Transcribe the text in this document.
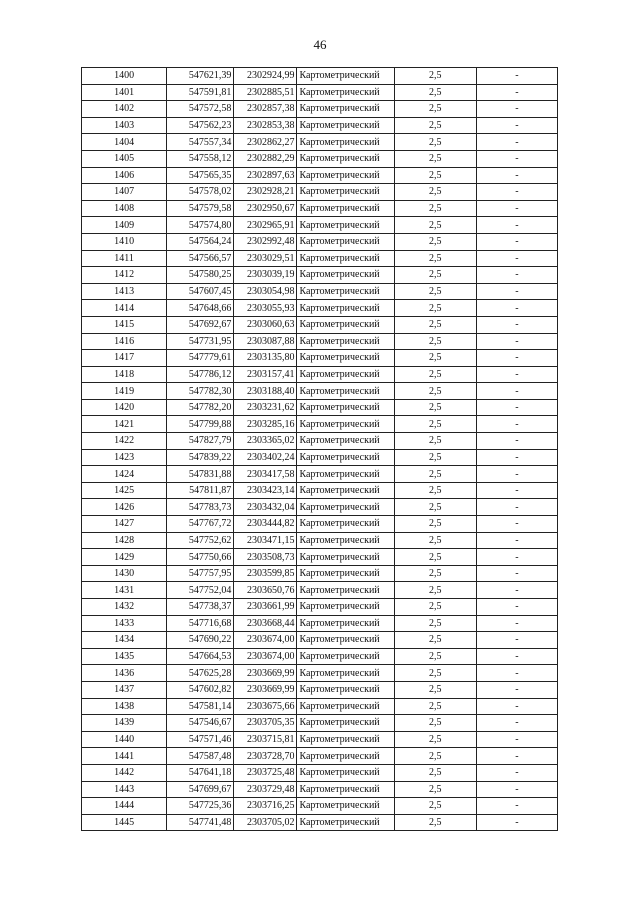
46
1400	547621,39	2302924,99	Картометрический	2,5	-
1401	547591,81	2302885,51	Картометрический	2,5	-
1402	547572,58	2302857,38	Картометрический	2,5	-
1403	547562,23	2302853,38	Картометрический	2,5	-
1404	547557,34	2302862,27	Картометрический	2,5	-
1405	547558,12	2302882,29	Картометрический	2,5	-
1406	547565,35	2302897,63	Картометрический	2,5	-
1407	547578,02	2302928,21	Картометрический	2,5	-
1408	547579,58	2302950,67	Картометрический	2,5	-
1409	547574,80	2302965,91	Картометрический	2,5	-
1410	547564,24	2302992,48	Картометрический	2,5	-
1411	547566,57	2303029,51	Картометрический	2,5	-
1412	547580,25	2303039,19	Картометрический	2,5	-
1413	547607,45	2303054,98	Картометрический	2,5	-
1414	547648,66	2303055,93	Картометрический	2,5	-
1415	547692,67	2303060,63	Картометрический	2,5	-
1416	547731,95	2303087,88	Картометрический	2,5	-
1417	547779,61	2303135,80	Картометрический	2,5	-
1418	547786,12	2303157,41	Картометрический	2,5	-
1419	547782,30	2303188,40	Картометрический	2,5	-
1420	547782,20	2303231,62	Картометрический	2,5	-
1421	547799,88	2303285,16	Картометрический	2,5	-
1422	547827,79	2303365,02	Картометрический	2,5	-
1423	547839,22	2303402,24	Картометрический	2,5	-
1424	547831,88	2303417,58	Картометрический	2,5	-
1425	547811,87	2303423,14	Картометрический	2,5	-
1426	547783,73	2303432,04	Картометрический	2,5	-
1427	547767,72	2303444,82	Картометрический	2,5	-
1428	547752,62	2303471,15	Картометрический	2,5	-
1429	547750,66	2303508,73	Картометрический	2,5	-
1430	547757,95	2303599,85	Картометрический	2,5	-
1431	547752,04	2303650,76	Картометрический	2,5	-
1432	547738,37	2303661,99	Картометрический	2,5	-
1433	547716,68	2303668,44	Картометрический	2,5	-
1434	547690,22	2303674,00	Картометрический	2,5	-
1435	547664,53	2303674,00	Картометрический	2,5	-
1436	547625,28	2303669,99	Картометрический	2,5	-
1437	547602,82	2303669,99	Картометрический	2,5	-
1438	547581,14	2303675,66	Картометрический	2,5	-
1439	547546,67	2303705,35	Картометрический	2,5	-
1440	547571,46	2303715,81	Картометрический	2,5	-
1441	547587,48	2303728,70	Картометрический	2,5	-
1442	547641,18	2303725,48	Картометрический	2,5	-
1443	547699,67	2303729,48	Картометрический	2,5	-
1444	547725,36	2303716,25	Картометрический	2,5	-
1445	547741,48	2303705,02	Картометрический	2,5	-
